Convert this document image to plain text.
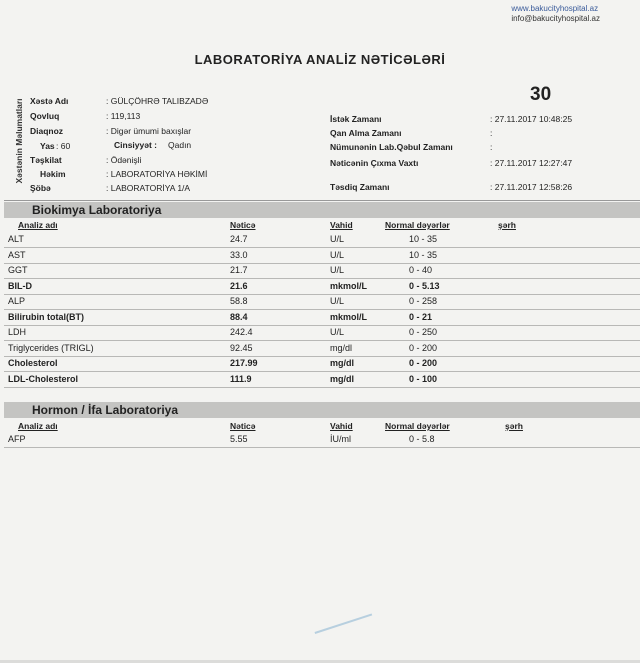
www.bakucityhospital.az
info@bakucityhospital.az
LABORATORİYA ANALİZ NƏTİCƏLƏRİ
30
Xəstənin Məlumatları Xəstə Adı	: GÜLÇÖHRƏ TALIBZADƏ
Qovluq	: 119,113
Diaqnoz	: Digər ümumi baxışlar
Yas : 60	Cinsiyyət : Qadın
Təşkilat	: Ödənişli
Həkim	: LABORATORİYA HƏKİMİ
Şöbə	: LABORATORİYA 1/A
İstək Zamanı	: 27.11.2017 10:48:25
Qan Alma Zamanı	:
Nümunənin Lab.Qəbul Zamanı	:
Nəticənin Çıxma Vaxtı	: 27.11.2017 12:27:47
Təsdiq Zamanı	: 27.11.2017 12:58:26
Biokimya Laboratoriya
Analiz adı	Nəticə	Vahid	Normal dəyərlər	şərh
ALT	24.7	U/L	10 - 35
AST	33.0	U/L	10 - 35
GGT	21.7	U/L	0 - 40
BIL-D	21.6	mkmol/L	0 - 5.13
ALP	58.8	U/L	0 - 258
Bilirubin total(BT)	88.4	mkmol/L	0 - 21
LDH	242.4	U/L	0 - 250
Triglycerides (TRIGL)	92.45	mg/dl	0 - 200
Cholesterol	217.99	mg/dl	0 - 200
LDL-Cholesterol	111.9	mg/dl	0 - 100
Hormon / İfa Laboratoriya
Analiz adı	Nəticə	Vahid	Normal dəyərlər	şərh
AFP	5.55	İU/ml	0 - 5.8
